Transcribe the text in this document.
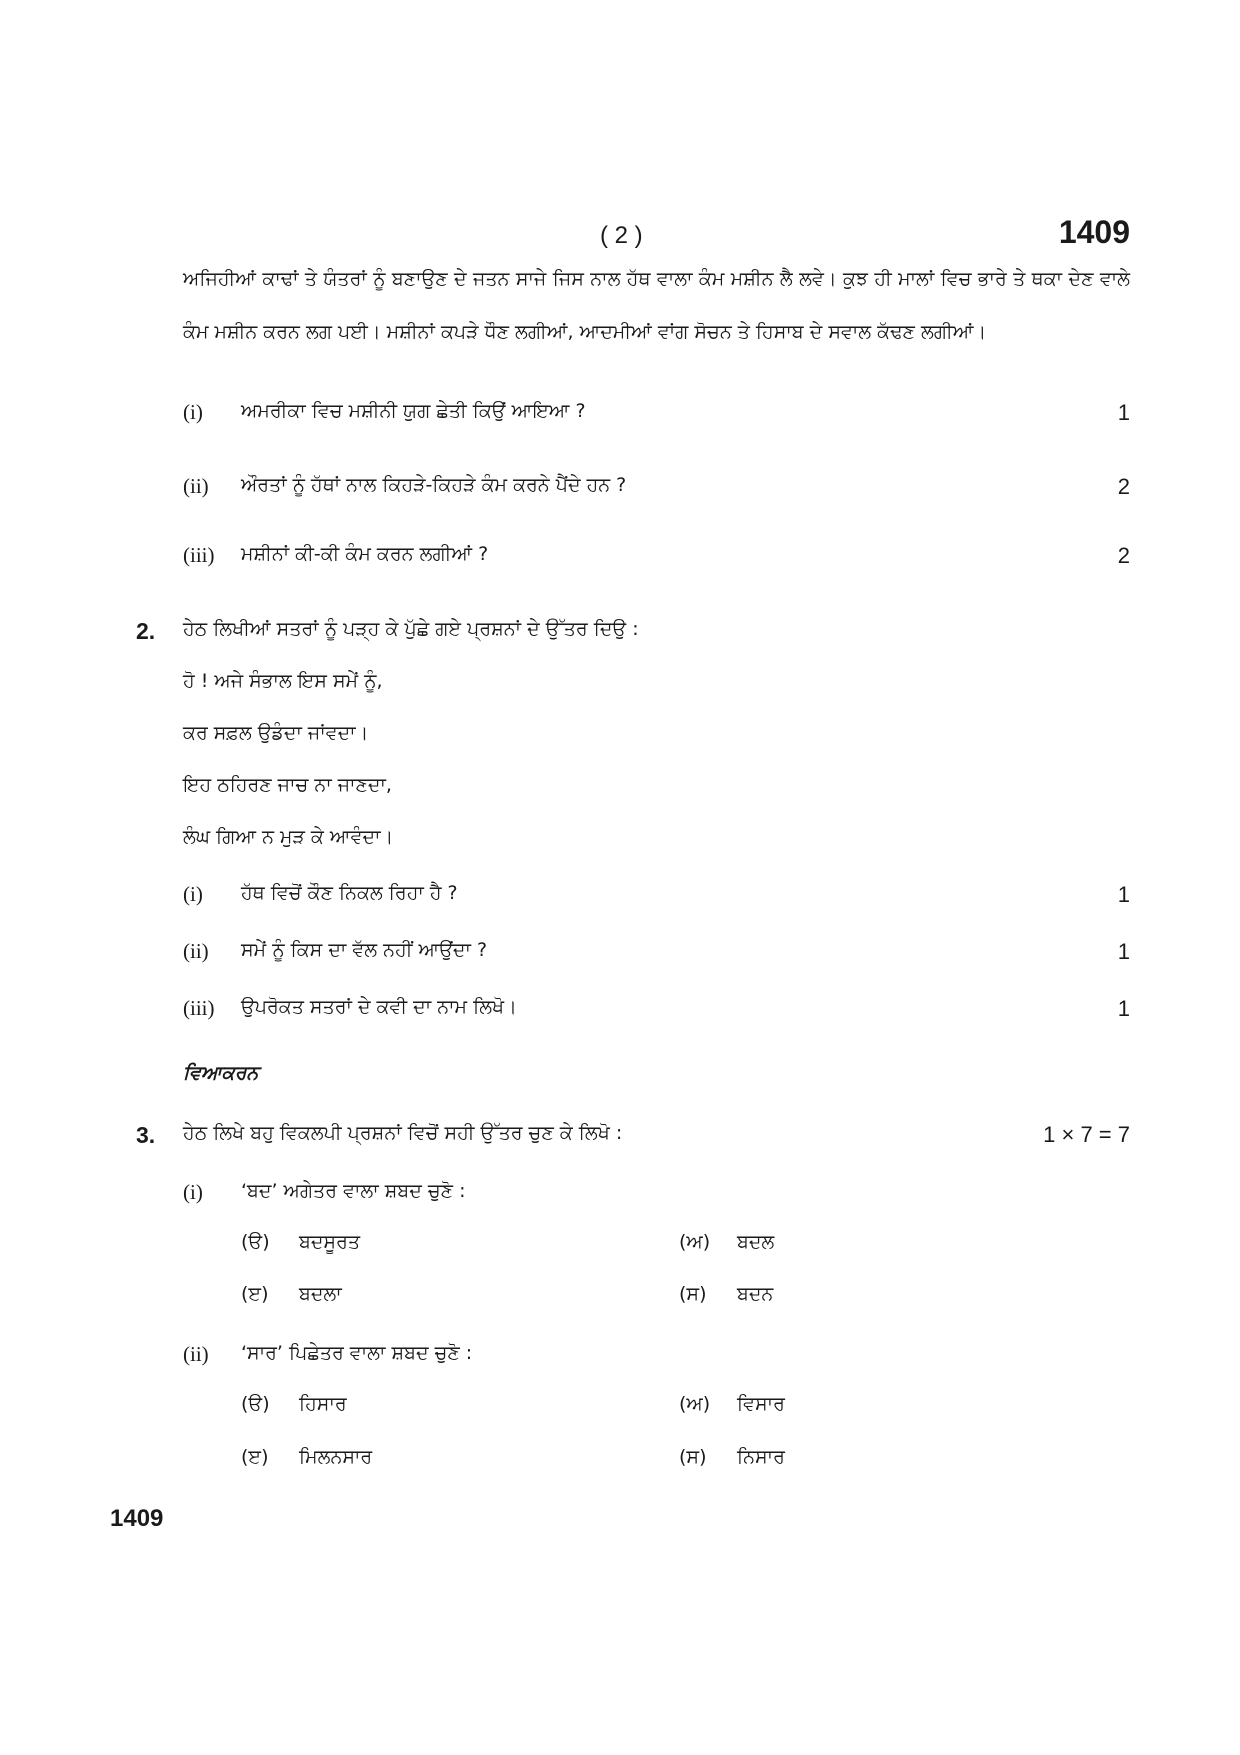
( 2 )	1409
ਅਜਿਹੀਆਂ ਕਾਢਾਂ ਤੇ ਯੰਤਰਾਂ ਨੂੰ ਬਣਾਉਣ ਦੇ ਜਤਨ ਸਾਜੇ ਜਿਸ ਨਾਲ ਹੱਥ ਵਾਲਾ ਕੰਮ ਮਸ਼ੀਨ ਲੈ ਲਵੇ। ਕੁਝ ਹੀ ਮਾਲਾਂ ਵਿਚ ਭਾਰੇ ਤੇ ਥਕਾ ਦੇਣ ਵਾਲੇ ਕੰਮ ਮਸ਼ੀਨ ਕਰਨ ਲਗ ਪਈ। ਮਸ਼ੀਨਾਂ ਕਪੜੇ ਧੌਣ ਲਗੀਆਂ, ਆਦਮੀਆਂ ਵਾਂਗ ਸੋਚਨ ਤੇ ਹਿਸਾਬ ਦੇ ਸਵਾਲ ਕੱਢਣ ਲਗੀਆਂ।
(i) ਅਮਰੀਕਾ ਵਿਚ ਮਸ਼ੀਨੀ ਯੁਗ ਛੇਤੀ ਕਿਉਂ ਆਇਆ ?	1
(ii) ਔਰਤਾਂ ਨੂੰ ਹੱਥਾਂ ਨਾਲ ਕਿਹੜੇ-ਕਿਹੜੇ ਕੰਮ ਕਰਨੇ ਪੈਂਦੇ ਹਨ ?	2
(iii) ਮਸ਼ੀਨਾਂ ਕੀ-ਕੀ ਕੰਮ ਕਰਨ ਲਗੀਆਂ ?	2
2. ਹੇਠ ਲਿਖੀਆਂ ਸਤਰਾਂ ਨੂੰ ਪੜ੍ਹ ਕੇ ਪੁੱਛੇ ਗਏ ਪ੍ਰਸ਼ਨਾਂ ਦੇ ਉੱਤਰ ਦਿਉ :
ਹੋ ! ਅਜੇ ਸੰਭਾਲ ਇਸ ਸਮੇਂ ਨੂੰ,
ਕਰ ਸਫ਼ਲ ਉਡੰਦਾ ਜਾਂਵਦਾ।
ਇਹ ਠਹਿਰਣ ਜਾਚ ਨਾ ਜਾਣਦਾ,
ਲੰਘ ਗਿਆ ਨ ਮੁੜ ਕੇ ਆਵੰਦਾ।
(i) ਹੱਥ ਵਿਚੋਂ ਕੌਣ ਨਿਕਲ ਰਿਹਾ ਹੈ ?	1
(ii) ਸਮੇਂ ਨੂੰ ਕਿਸ ਦਾ ਵੱਲ ਨਹੀਂ ਆਉਂਦਾ ?	1
(iii) ਉਪਰੋਕਤ ਸਤਰਾਂ ਦੇ ਕਵੀ ਦਾ ਨਾਮ ਲਿਖੋ।	1
ਵਿਆਕਰਨ
3. ਹੇਠ ਲਿਖੇ ਬਹੁ ਵਿਕਲਪੀ ਪ੍ਰਸ਼ਨਾਂ ਵਿਚੋਂ ਸਹੀ ਉੱਤਰ ਚੁਣ ਕੇ ਲਿਖੋ :	1 × 7 = 7
(i) ‘ਬਦ’ ਅਗੇਤਰ ਵਾਲਾ ਸ਼ਬਦ ਚੁਣੋ :
(ੳ) ਬਦਸੂਰਤ	(ਅ) ਬਦਲ
(ੲ) ਬਦਲਾ	(ਸ) ਬਦਨ
(ii) ‘ਸਾਰ’ ਪਿਛੇਤਰ ਵਾਲਾ ਸ਼ਬਦ ਚੁਣੋ :
(ੳ) ਹਿਸਾਰ	(ਅ) ਵਿਸਾਰ
(ੲ) ਮਿਲਨਸਾਰ	(ਸ) ਨਿਸਾਰ
1409
